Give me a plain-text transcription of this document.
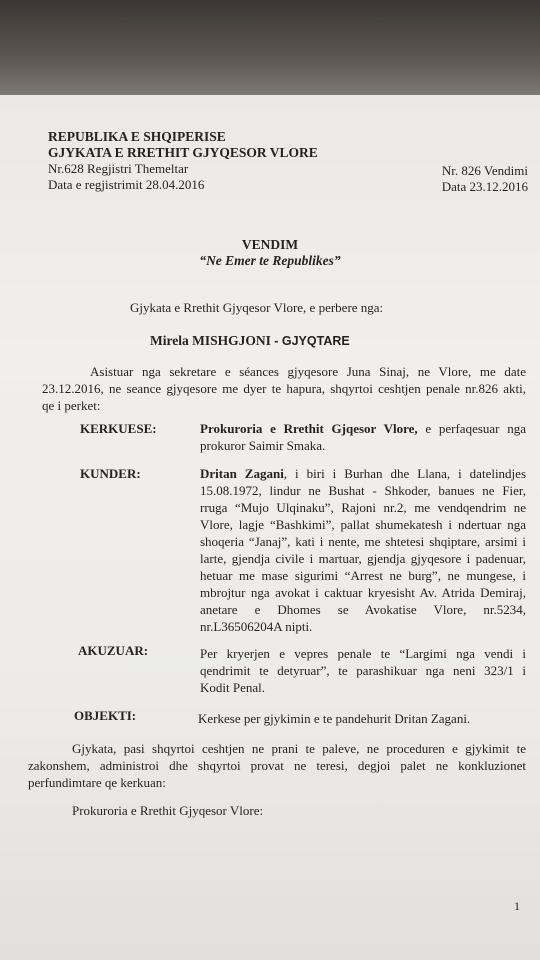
REPUBLIKA E SHQIPERISE
GJYKATA E RRETHIT GJYQESOR VLORE
Nr.628 Regjistri Themeltar
Data e regjistrimit 28.04.2016
Nr. 826 Vendimi
Data 23.12.2016
VENDIM
“Ne Emer te Republikes”
Gjykata e Rrethit Gjyqesor Vlore, e perbere nga:
Mirela MISHGJONI - GJYQTARE
Asistuar nga sekretare e séances gjyqesore Juna Sinaj, ne Vlore, me date
23.12.2016, ne seance gjyqesore me dyer te hapura, shqyrtoi ceshtjen penale nr.826 akti,
qe i perket:
KERKUESE:	Prokuroria e Rrethit Gjqesor Vlore, e perfaqesuar nga
prokuror Saimir Smaka.
KUNDER:	Dritan Zagani, i biri i Burhan dhe Llana, i datelindjes
15.08.1972, lindur ne Bushat - Shkoder, banues ne Fier,
rruga “Mujo Ulqinaku”, Rajoni nr.2, me vendqendrim ne
Vlore, lagje “Bashkimi”, pallat shumekatesh i ndertuar nga
shoqeria “Janaj”, kati i nente, me shtetesi shqiptare, arsimi i
larte, gjendja civile i martuar, gjendja gjyqesore i padenuar,
hetuar me mase sigurimi “Arrest ne burg”, ne mungese, i
mbrojtur nga avokat i caktuar kryesisht Av. Atrida Demiraj,
anetare e Dhomes se Avokatise Vlore, nr.5234,
nr.L36506204A nipti.
AKUZUAR:	Per kryerjen e vepres penale te “Largimi nga vendi i
qendrimit te detyruar”, te parashikuar nga neni 323/1 i
Kodit Penal.
OBJEKTI:	Kerkese per gjykimin e te pandehurit Dritan Zagani.
Gjykata, pasi shqyrtoi ceshtjen ne prani te paleve, ne proceduren e gjykimit te
zakonshem, administroi dhe shqyrtoi provat ne teresi, degjoi palet ne konkluzionet
perfundimtare qe kerkuan:
Prokuroria e Rrethit Gjyqesor Vlore:
1
